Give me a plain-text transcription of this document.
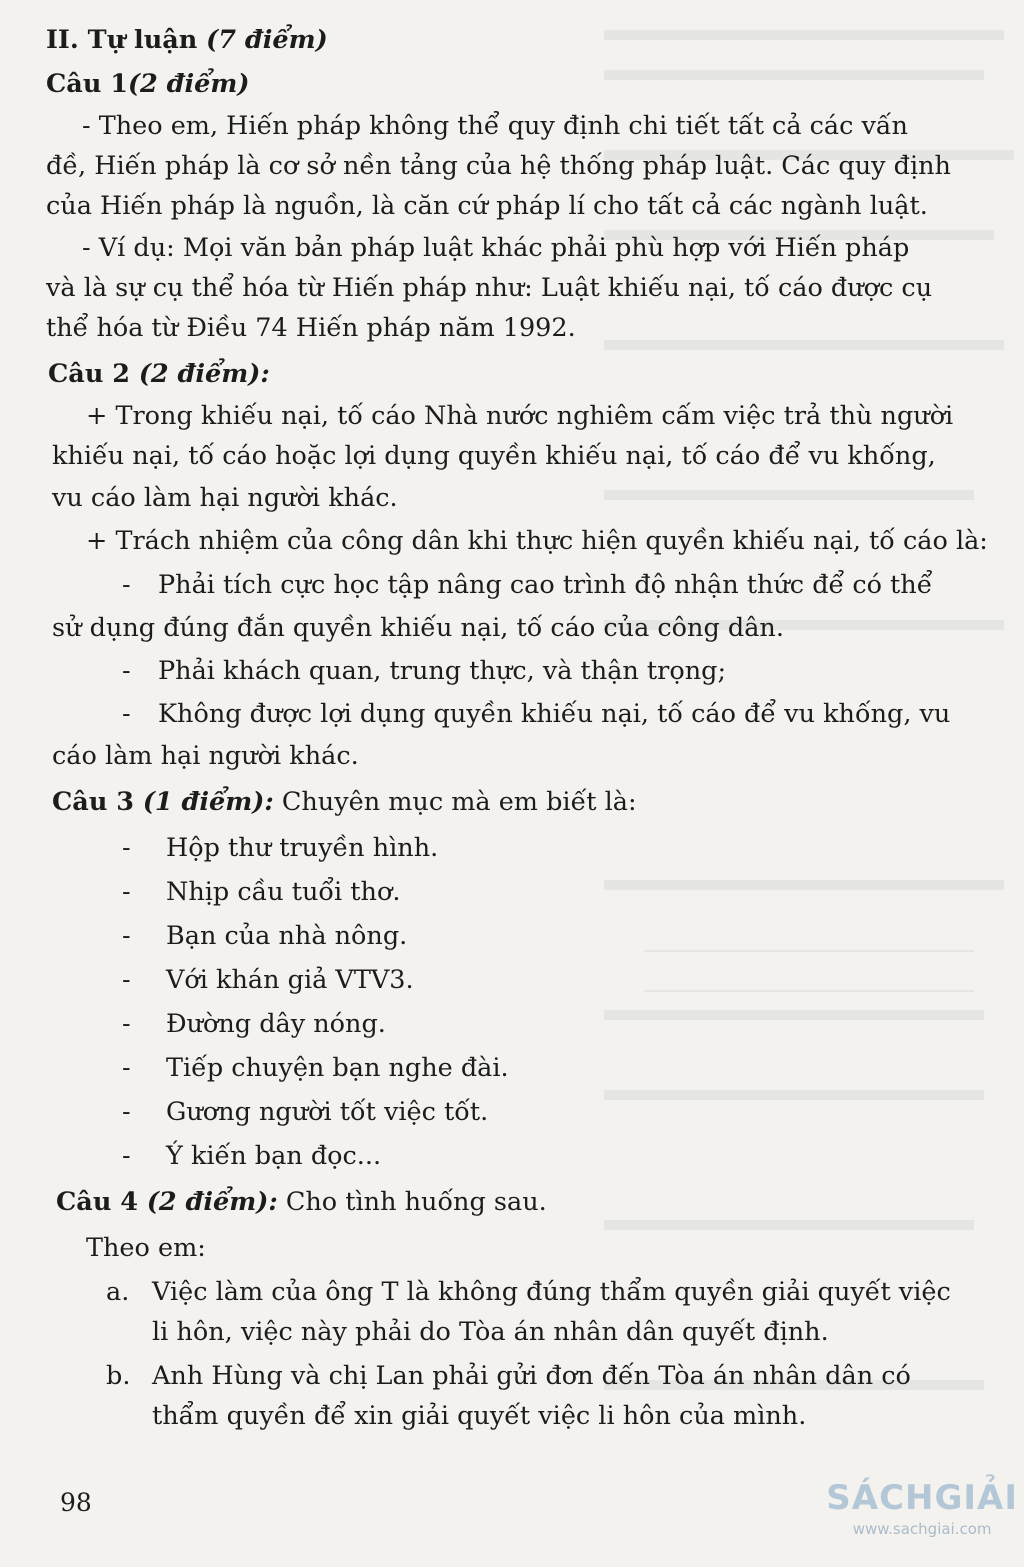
II. Tự luận (7 điểm)
Câu 1(2 điểm)
- Theo em, Hiến pháp không thể quy định chi tiết tất cả các vấn
đề, Hiến pháp là cơ sở nền tảng của hệ thống pháp luật. Các quy định
của Hiến pháp là nguồn, là căn cứ pháp lí cho tất cả các ngành luật.
- Ví dụ: Mọi văn bản pháp luật khác phải phù hợp với Hiến pháp
và là sự cụ thể hóa từ Hiến pháp như: Luật khiếu nại, tố cáo được cụ
thể hóa từ Điều 74 Hiến pháp năm 1992.
Câu 2 (2 điểm):
+ Trong khiếu nại, tố cáo Nhà nước nghiêm cấm việc trả thù người
khiếu nại, tố cáo hoặc lợi dụng quyền khiếu nại, tố cáo để vu khống,
vu cáo làm hại người khác.
+ Trách nhiệm của công dân khi thực hiện quyền khiếu nại, tố cáo là:
- Phải tích cực học tập nâng cao trình độ nhận thức để có thể
sử dụng đúng đắn quyền khiếu nại, tố cáo của công dân.
- Phải khách quan, trung thực, và thận trọng;
- Không được lợi dụng quyền khiếu nại, tố cáo để vu khống, vu
cáo làm hại người khác.
Câu 3 (1 điểm): Chuyên mục mà em biết là:
- Hộp thư truyền hình.
- Nhịp cầu tuổi thơ.
- Bạn của nhà nông.
- Với khán giả VTV3.
- Đường dây nóng.
- Tiếp chuyện bạn nghe đài.
- Gương người tốt việc tốt.
- Ý kiến bạn đọc...
Câu 4 (2 điểm): Cho tình huống sau.
Theo em:
a. Việc làm của ông T là không đúng thẩm quyền giải quyết việc
li hôn, việc này phải do Tòa án nhân dân quyết định.
b. Anh Hùng và chị Lan phải gửi đơn đến Tòa án nhân dân có
thẩm quyền để xin giải quyết việc li hôn của mình.
98	SÁCHGIẢI
www.sachgiai.com
